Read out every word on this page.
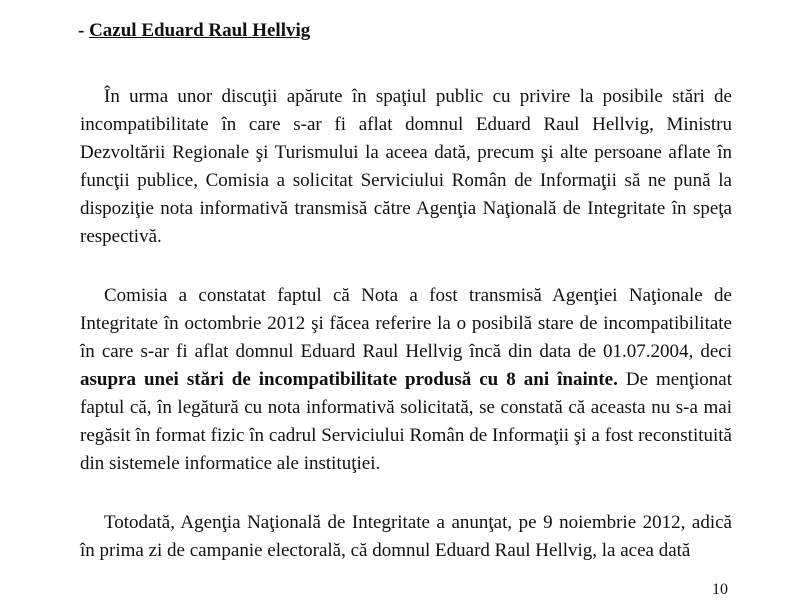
- Cazul Eduard Raul Hellvig

În urma unor discuţii apărute în spaţiul public cu privire la posibile stări de incompatibilitate în care s-ar fi aflat domnul Eduard Raul Hellvig, Ministru Dezvoltării Regionale şi Turismului la aceea dată, precum şi alte persoane aflate în funcţii publice, Comisia a solicitat Serviciului Român de Informaţii să ne pună la dispoziţie nota informativă transmisă către Agenţia Naţională de Integritate în speţa respectivă.

Comisia a constatat faptul că Nota a fost transmisă Agenţiei Naţionale de Integritate în octombrie 2012 şi făcea referire la o posibilă stare de incompatibilitate în care s-ar fi aflat domnul Eduard Raul Hellvig încă din data de 01.07.2004, deci asupra unei stări de incompatibilitate produsă cu 8 ani înainte. De menţionat faptul că, în legătură cu nota informativă solicitată, se constată că aceasta nu s-a mai regăsit în format fizic în cadrul Serviciului Român de Informaţii şi a fost reconstituită din sistemele informatice ale instituţiei.

Totodată, Agenţia Naţională de Integritate a anunţat, pe 9 noiembrie 2012, adică în prima zi de campanie electorală, că domnul Eduard Raul Hellvig, la acea dată

10
